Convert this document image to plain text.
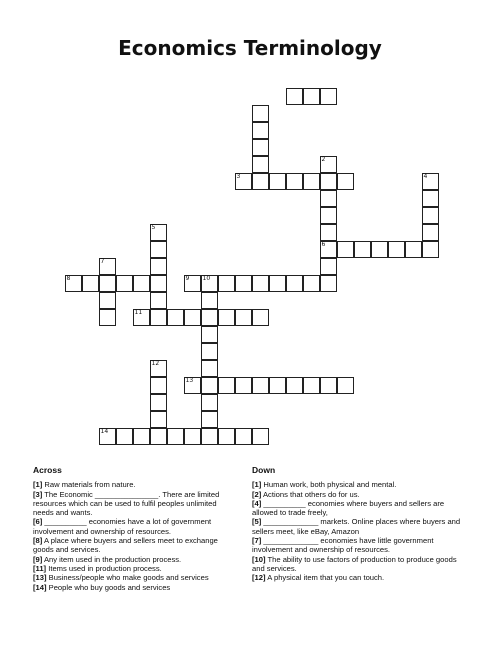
Economics Terminology
2
3	4
5
6
7
8	9 10
11
12
13
14
Across
[1] Raw materials from nature.
[3] The Economic _______________. There are limited resources which can be used to fulfil peoples unlimited needs and wants.
[6] __________ economies have a lot of government involvement and ownership of resources.
[8] A place where buyers and sellers meet to exchange goods and services.
[9] Any item used in the production process.
[11] Items used in production process.
[13] Business/people who make goods and services
[14] People who buy goods and services
Down
[1] Human work, both physical and mental.
[2] Actions that others do for us.
[4] __________ economies where buyers and sellers are allowed to trade freely,
[5] _____________ markets. Online places where buyers and sellers meet, like eBay, Amazon
[7] _____________ economies have little government involvement and ownership of resources.
[10] The ability to use factors of production to produce goods and services.
[12] A physical item that you can touch.
